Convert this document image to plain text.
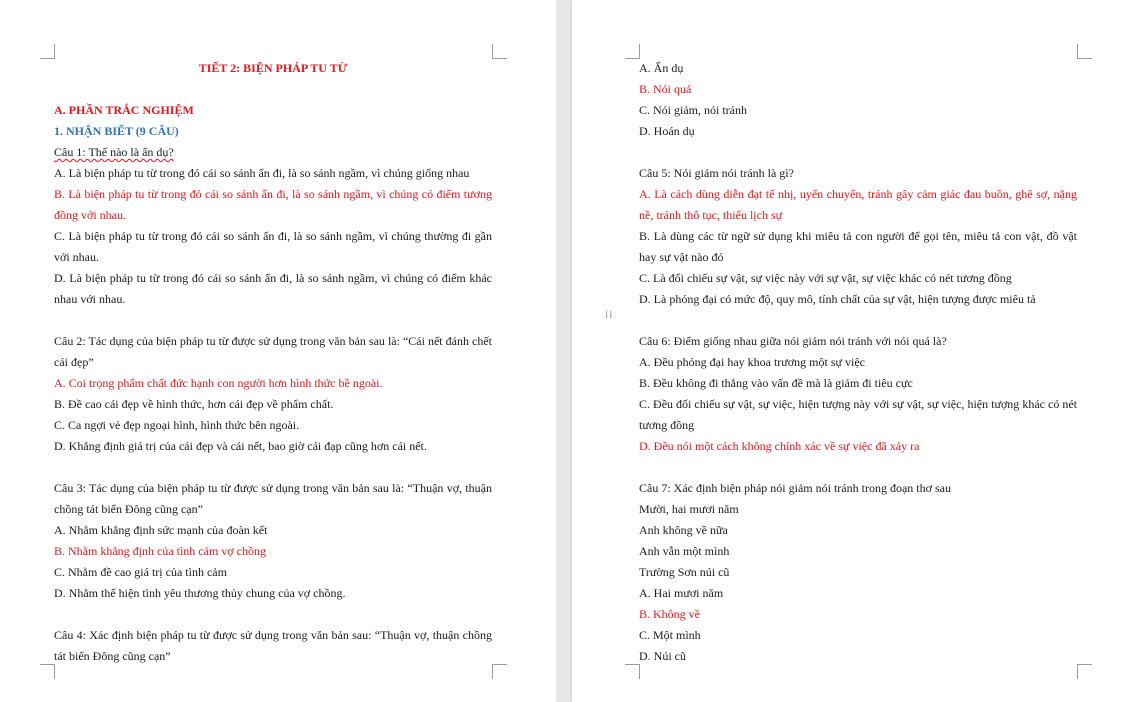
TIẾT 2: BIỆN PHÁP TU TỪ
A. PHẦN TRẮC NGHIỆM
1. NHẬN BIẾT (9 CÂU)
Câu 1: Thế nào là ẩn dụ?
A. Là biện pháp tu từ trong đó cái so sánh ẩn đi, là so sánh ngầm, vì chúng giống nhau
B. Là biện pháp tu từ trong đó cái so sánh ẩn đi, là so sánh ngầm, vì chúng có điểm tương đồng với nhau.
C. Là biện pháp tu từ trong đó cái so sánh ẩn đi, là so sánh ngầm, vì chúng thường đi gần với nhau.
D. Là biện pháp tu từ trong đó cái so sánh ẩn đi, là so sánh ngầm, vì chúng có điểm khác nhau với nhau.
Câu 2: Tác dụng của biện pháp tu từ được sử dụng trong văn bản sau là: “Cái nết đánh chết cái đẹp”
A. Coi trọng phẩm chất đức hạnh con người hơn hình thức bề ngoài.
B. Đề cao cái đẹp về hình thức, hơn cái đẹp về phẩm chất.
C. Ca ngợi vẻ đẹp ngoại hình, hình thức bên ngoài.
D. Khẳng định giá trị của cái đẹp và cái nết, bao giờ cái đạp cũng hơn cái nết.
Câu 3: Tác dụng của biện pháp tu từ được sử dụng trong văn bản sau là: “Thuận vợ, thuận chồng tát biển Đông cũng cạn”
A. Nhằm khẳng định sức mạnh của đoàn kết
B. Nhằm khẳng định của tình cảm vợ chồng
C. Nhằm đề cao giá trị của tình cảm
D. Nhằm thể hiện tình yêu thương thủy chung của vợ chồng.
Câu 4: Xác định biện pháp tu từ được sử dụng trong văn bản sau: “Thuận vợ, thuận chồng tát biển Đông cũng cạn”
A. Ẩn dụ
B. Nói quá
C. Nói giảm, nói tránh
D. Hoán dụ
Câu 5: Nói giảm nói tránh là gì?
A. Là cách dùng diễn đạt tế nhị, uyển chuyển, tránh gây cảm giác đau buồn, ghê sợ, nặng nề, tránh thô tục, thiếu lịch sự
B. Là dùng các từ ngữ sử dụng khi miêu tả con người để gọi tên, miêu tả con vật, đồ vật hay sự vật nào đó
C. Là đối chiếu sự vật, sự việc này với sự vật, sự việc khác có nét tương đồng
D. Là phóng đại có mức độ, quy mô, tính chất của sự vật, hiện tượng được miêu tả
Câu 6: Điểm giống nhau giữa nói giảm nói tránh với nói quá là?
A. Đều phóng đại hay khoa trương một sự việc
B. Đều không đi thẳng vào vấn đề mà là giảm đi tiêu cực
C. Đều đối chiếu sự vật, sự việc, hiện tượng này với sự vật, sự việc, hiện tượng khác có nét tương đồng
D. Đều nói một cách không chính xác về sự việc đã xảy ra
Câu 7: Xác định biện pháp nói giảm nói tránh trong đoạn thơ sau
Mười, hai mươi năm
Anh không về nữa
Anh vẫn một mình
Trường Sơn núi cũ
A. Hai mươi năm
B. Không về
C. Một mình
D. Núi cũ
⁞⁞
